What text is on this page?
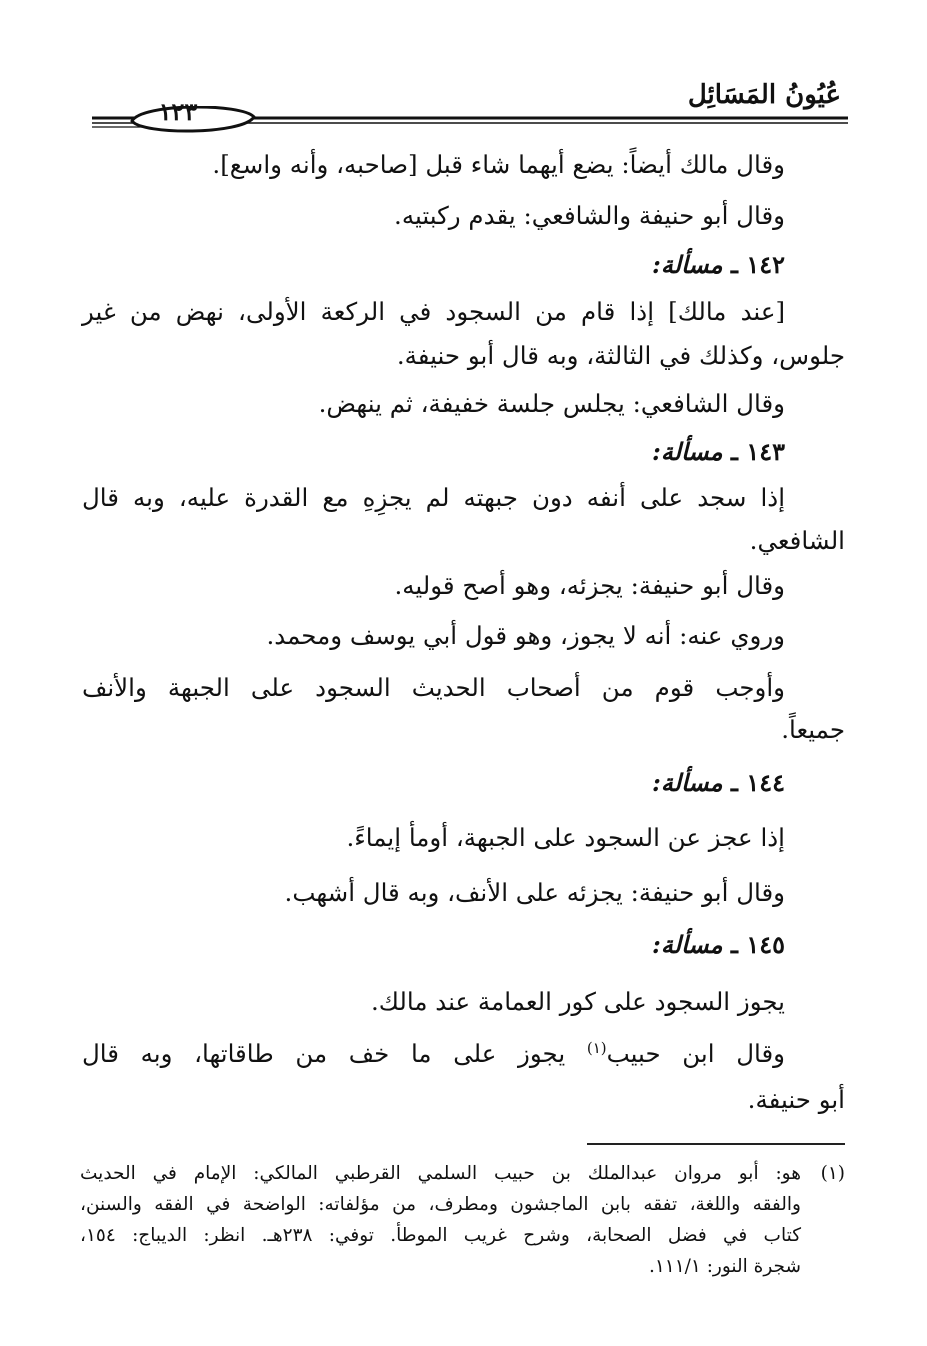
عُيُونُ المَسَائِل
١٢٣
وقال مالك أيضاً: يضع أيهما شاء قبل [صاحبه، وأنه واسع].
وقال أبو حنيفة والشافعي: يقدم ركبتيه.
١٤٢ ـ مسألة:
[عند مالك] إذا قام من السجود في الركعة الأولى، نهض من غير
جلوس، وكذلك في الثالثة، وبه قال أبو حنيفة.
وقال الشافعي: يجلس جلسة خفيفة، ثم ينهض.
١٤٣ ـ مسألة:
إذا سجد على أنفه دون جبهته لم يجزِهِ مع القدرة عليه، وبه قال
الشافعي.
وقال أبو حنيفة: يجزئه، وهو أصح قوليه.
وروي عنه: أنه لا يجوز، وهو قول أبي يوسف ومحمد.
وأوجب قوم من أصحاب الحديث السجود على الجبهة والأنف
جميعاً.
١٤٤ ـ مسألة:
إذا عجز عن السجود على الجبهة، أومأ إيماءً.
وقال أبو حنيفة: يجزئه على الأنف، وبه قال أشهب.
١٤٥ ـ مسألة:
يجوز السجود على كور العمامة عند مالك.
وقال ابن حبيب$^{(١)}$ يجوز على ما خف من طاقاتها، وبه قال
أبو حنيفة.
(١)
هو: أبو مروان عبدالملك بن حبيب السلمي القرطبي المالكي: الإمام في الحديث
والفقه واللغة، تفقه بابن الماجشون ومطرف، من مؤلفاته: الواضحة في الفقه والسنن،
كتاب في فضل الصحابة، وشرح غريب الموطأ. توفي: ٢٣٨هـ. انظر: الديباج: ١٥٤،
شجرة النور: ١١١/١.
